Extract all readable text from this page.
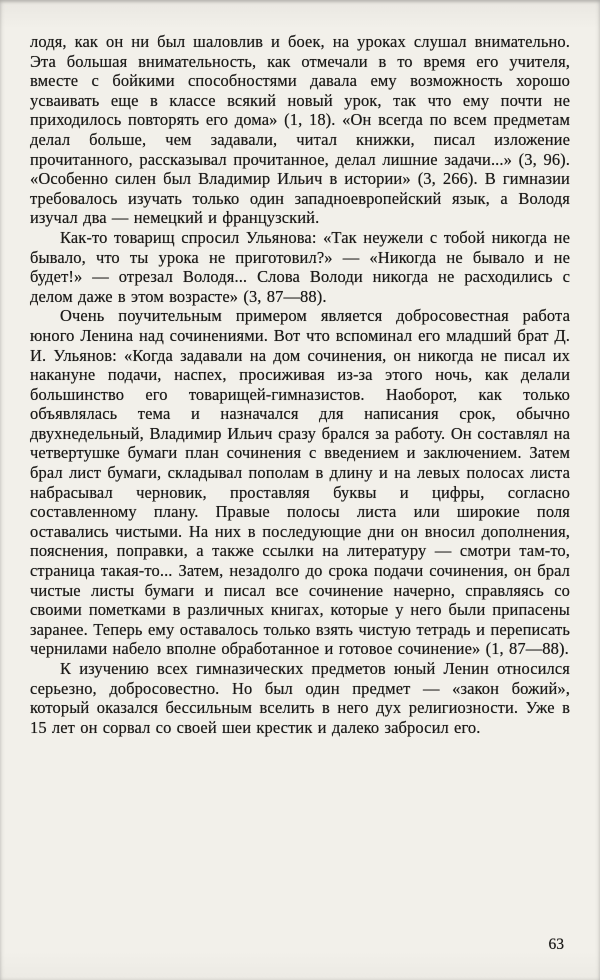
лодя, как он ни был шаловлив и боек, на уроках слушал внимательно. Эта большая внимательность, как отмечали в то время его учителя, вместе с бойкими способностями давала ему возможность хорошо усваивать еще в классе всякий новый урок, так что ему почти не приходилось повторять его дома» (1, 18). «Он всегда по всем предметам делал больше, чем задавали, читал книжки, писал изложение прочитанного, рассказывал прочитанное, делал лишние задачи...» (3, 96). «Особенно силен был Владимир Ильич в истории» (3, 266). В гимназии требовалось изучать только один западноевропейский язык, а Володя изучал два — немецкий и французский.

Как-то товарищ спросил Ульянова: «Так неужели с тобой никогда не бывало, что ты урока не приготовил?» — «Никогда не бывало и не будет!» — отрезал Володя... Слова Володи никогда не расходились с делом даже в этом возрасте» (3, 87—88).

Очень поучительным примером является добросовестная работа юного Ленина над сочинениями. Вот что вспоминал его младший брат Д. И. Ульянов: «Когда задавали на дом сочинения, он никогда не писал их накануне подачи, наспех, просиживая из-за этого ночь, как делали большинство его товарищей-гимназистов. Наоборот, как только объявлялась тема и назначался для написания срок, обычно двухнедельный, Владимир Ильич сразу брался за работу. Он составлял на четвертушке бумаги план сочинения с введением и заключением. Затем брал лист бумаги, складывал пополам в длину и на левых полосах листа набрасывал черновик, проставляя буквы и цифры, согласно составленному плану. Правые полосы листа или широкие поля оставались чистыми. На них в последующие дни он вносил дополнения, пояснения, поправки, а также ссылки на литературу — смотри там-то, страница такая-то... Затем, незадолго до срока подачи сочинения, он брал чистые листы бумаги и писал все сочинение начерно, справляясь со своими пометками в различных книгах, которые у него были припасены заранее. Теперь ему оставалось только взять чистую тетрадь и переписать чернилами набело вполне обработанное и готовое сочинение» (1, 87—88).

К изучению всех гимназических предметов юный Ленин относился серьезно, добросовестно. Но был один предмет — «закон божий», который оказался бессильным вселить в него дух религиозности. Уже в 15 лет он сорвал со своей шеи крестик и далеко забросил его.

63
